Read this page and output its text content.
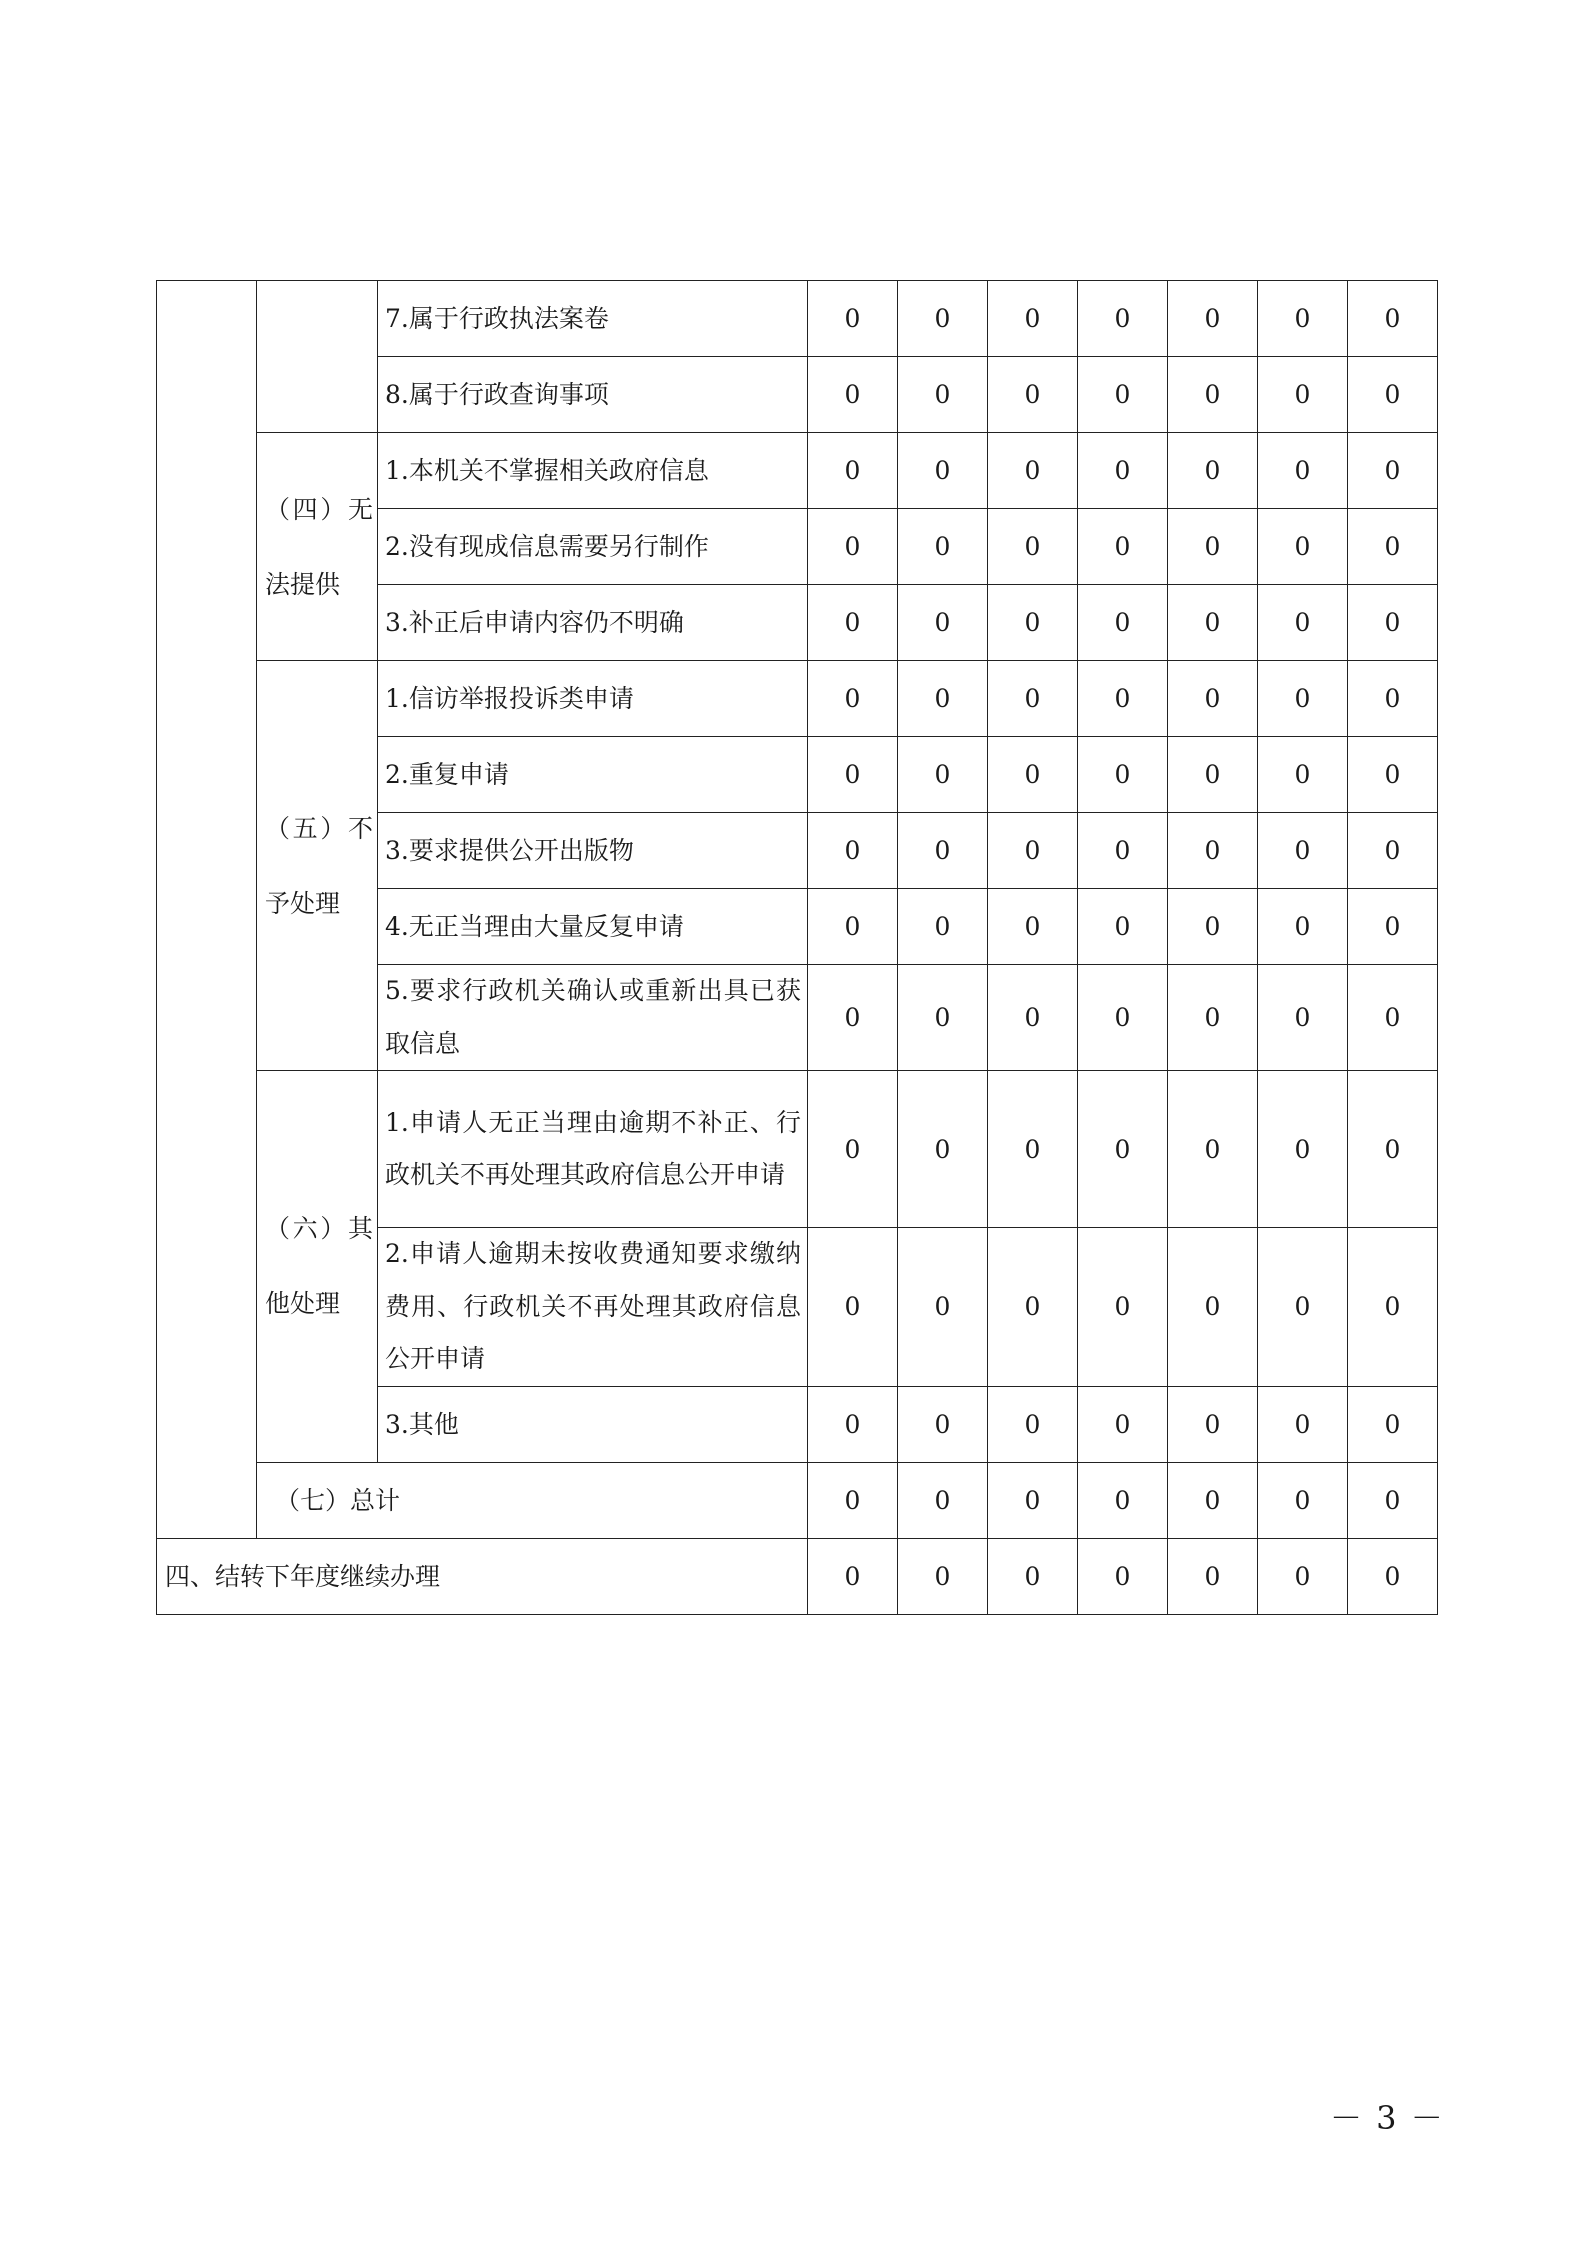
		7.属于行政执法案卷	0	0	0	0	0	0	0
		8.属于行政查询事项	0	0	0	0	0	0	0
	（四）无法提供	1.本机关不掌握相关政府信息	0	0	0	0	0	0	0
		2.没有现成信息需要另行制作	0	0	0	0	0	0	0
		3.补正后申请内容仍不明确	0	0	0	0	0	0	0
	（五）不予处理	1.信访举报投诉类申请	0	0	0	0	0	0	0
		2.重复申请	0	0	0	0	0	0	0
		3.要求提供公开出版物	0	0	0	0	0	0	0
		4.无正当理由大量反复申请	0	0	0	0	0	0	0
		5.要求行政机关确认或重新出具已获取信息	0	0	0	0	0	0	0
	（六）其他处理	1.申请人无正当理由逾期不补正、行政机关不再处理其政府信息公开申请	0	0	0	0	0	0	0
		2.申请人逾期未按收费通知要求缴纳费用、行政机关不再处理其政府信息公开申请	0	0	0	0	0	0	0
		3.其他	0	0	0	0	0	0	0
	（七）总计		0	0	0	0	0	0	0
四、结转下年度继续办理			0	0	0	0	0	0	0
－ 3 －
